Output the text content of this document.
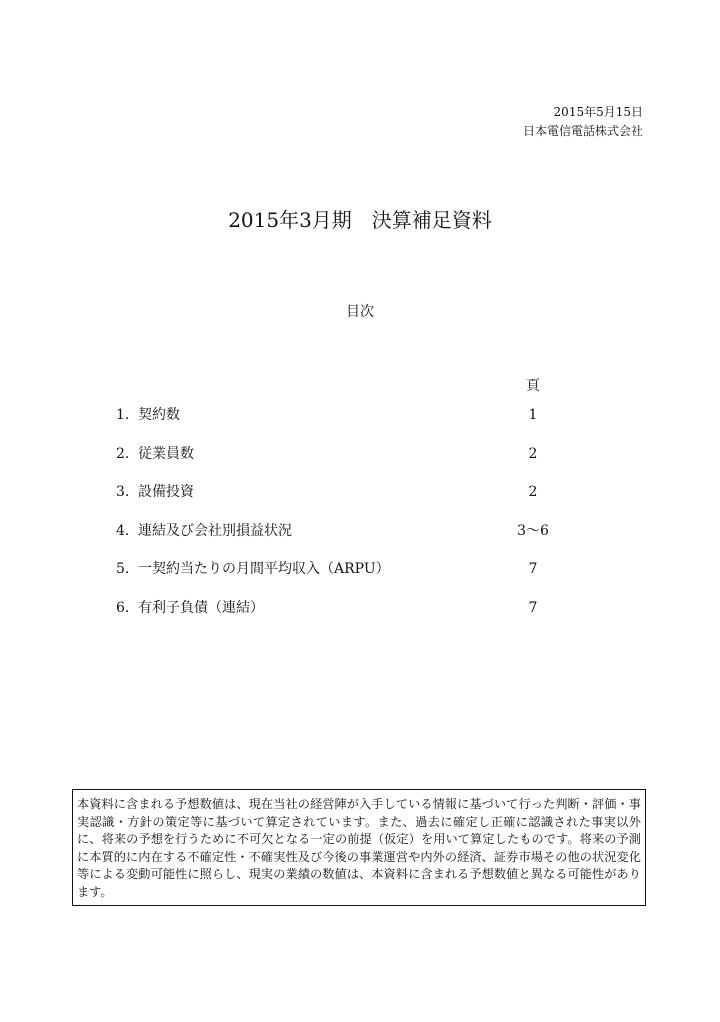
2015年5月15日
日本電信電話株式会社
2015年3月期　決算補足資料
目次
頁
1. 契約数	1
2. 従業員数	2
3. 設備投資	2
4. 連結及び会社別損益状況	3〜6
5. 一契約当たりの月間平均収入（ARPU）	7
6. 有利子負債（連結）	7
本資料に含まれる予想数値は、現在当社の経営陣が入手している情報に基づいて行った判断・評価・事実認識・方針の策定等に基づいて算定されています。また、過去に確定し正確に認識された事実以外に、将来の予想を行うために不可欠となる一定の前提（仮定）を用いて算定したものです。将来の予測に本質的に内在する不確定性・不確実性及び今後の事業運営や内外の経済、証券市場その他の状況変化等による変動可能性に照らし、現実の業績の数値は、本資料に含まれる予想数値と異なる可能性があります。
